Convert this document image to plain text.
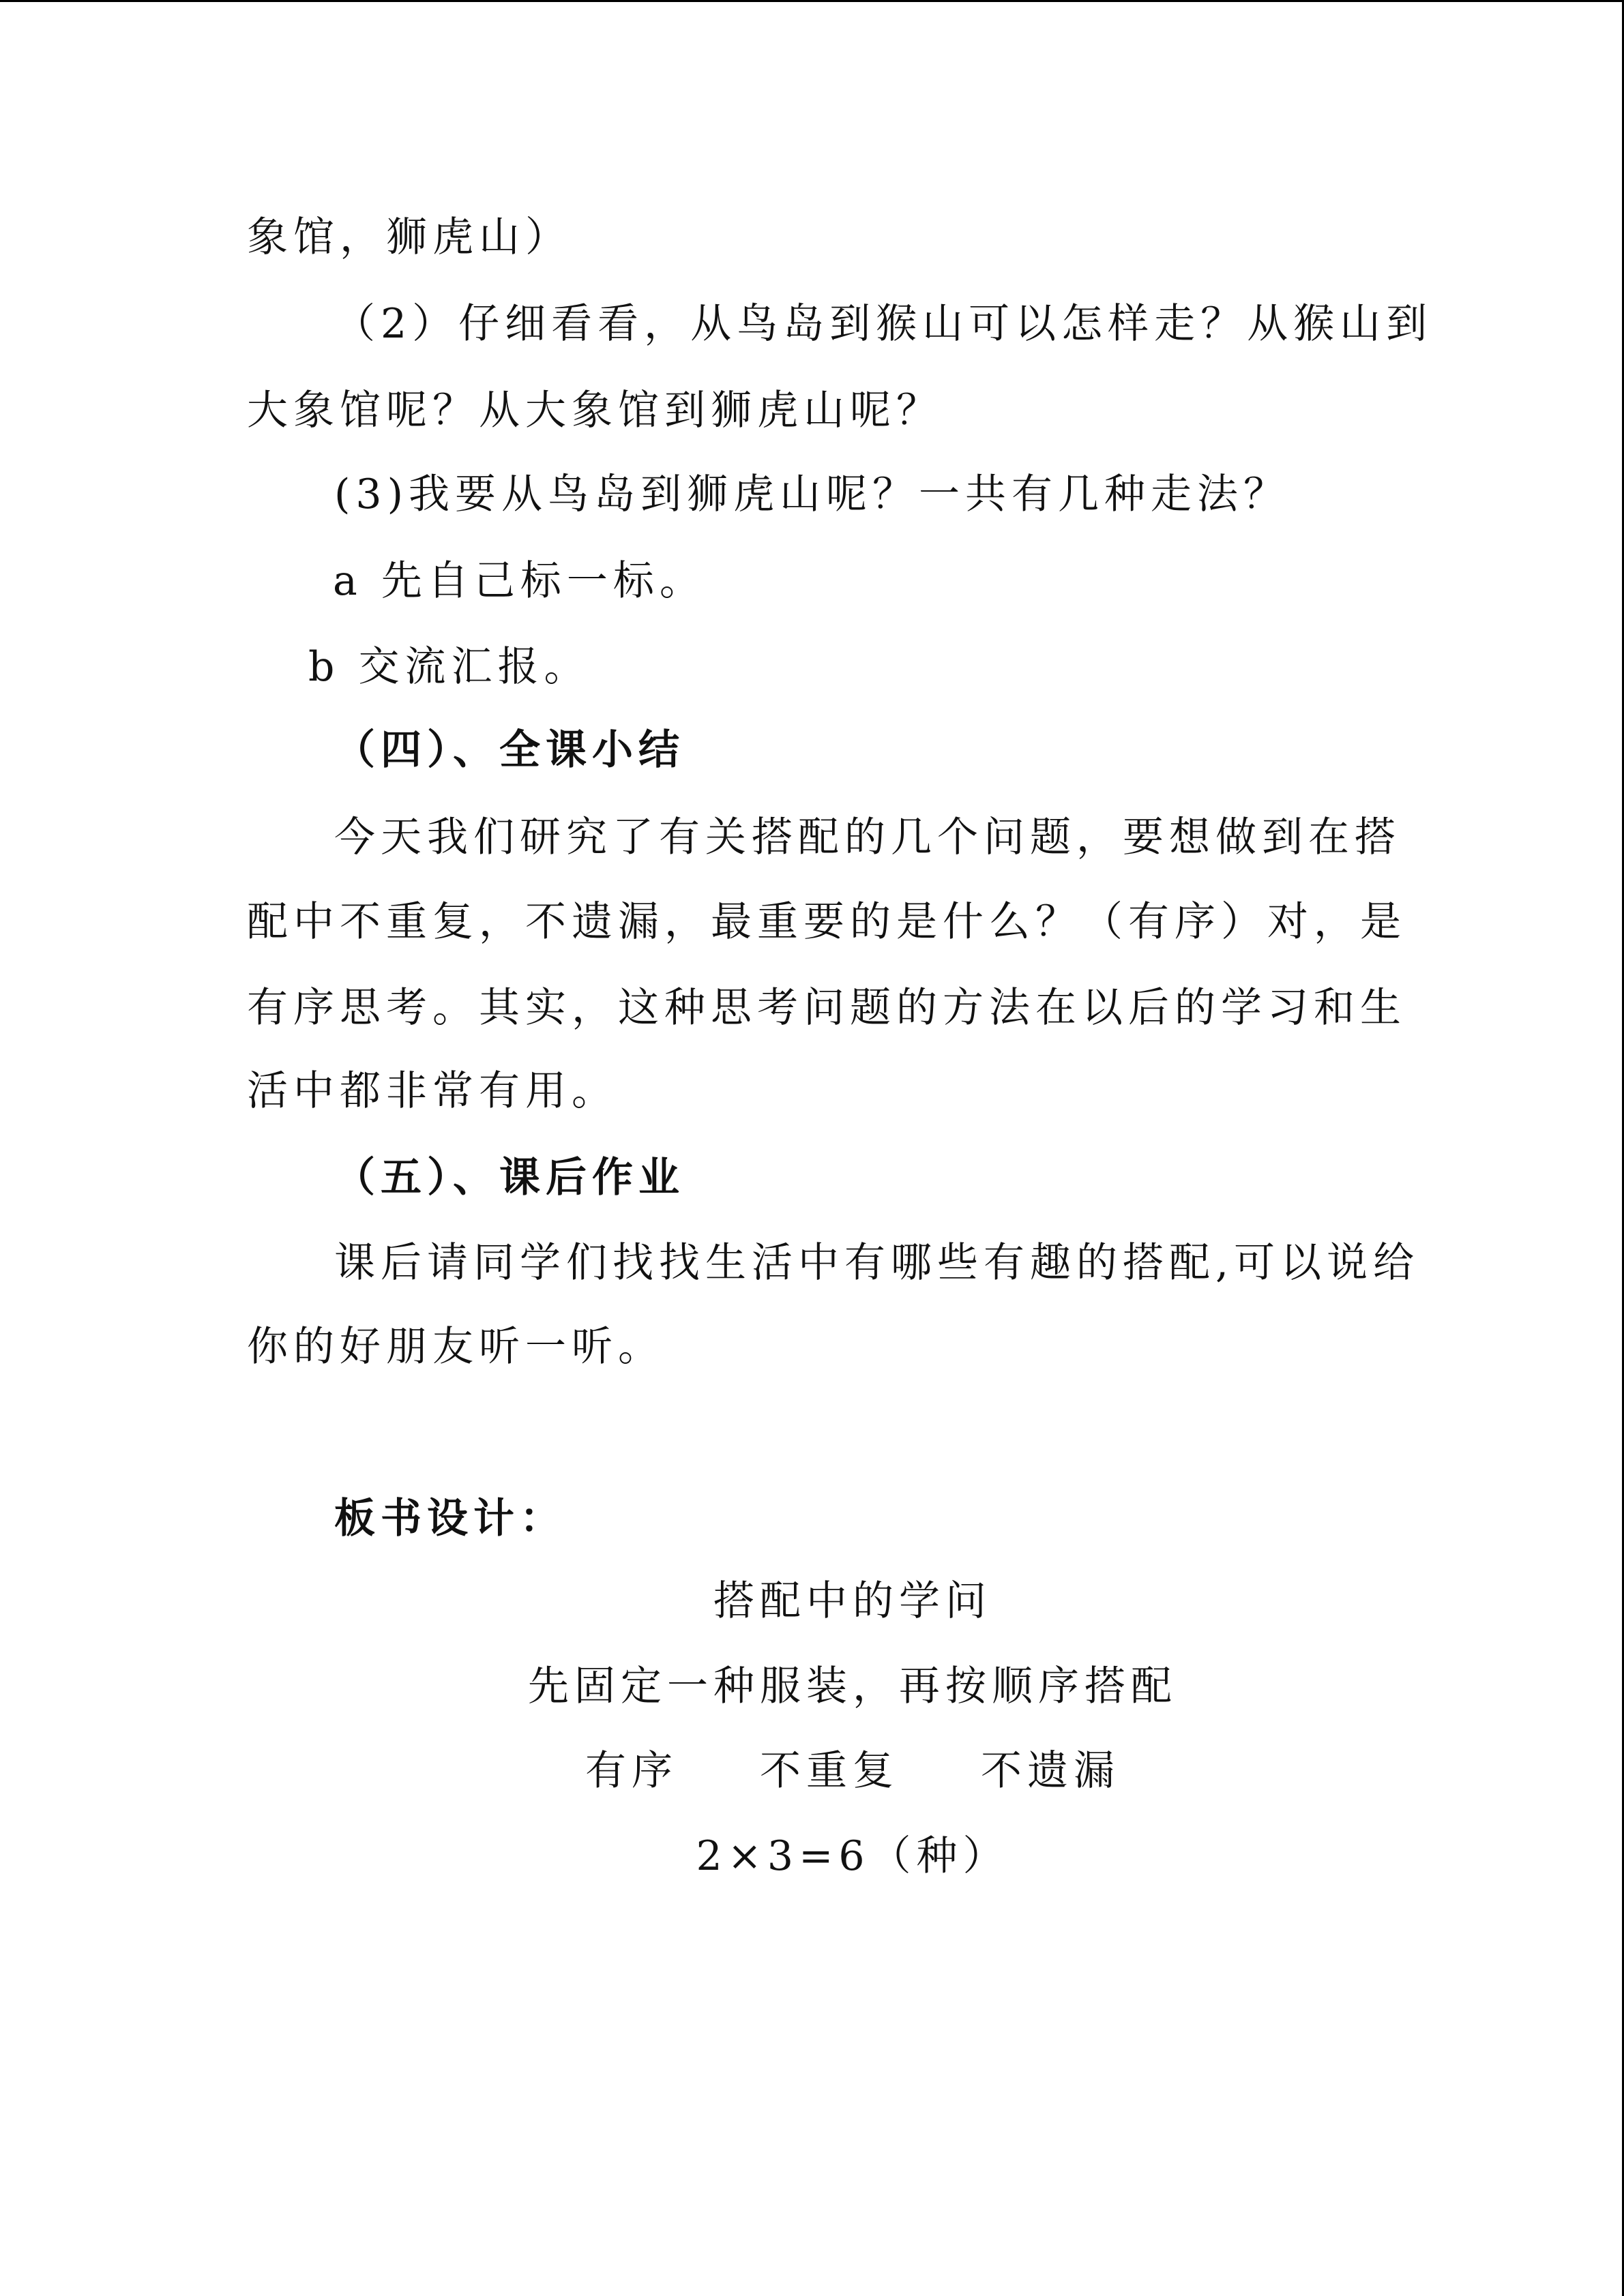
象馆，狮虎山）
（2）仔细看看，从鸟岛到猴山可以怎样走？从猴山到
大象馆呢？从大象馆到狮虎山呢？
(3)我要从鸟岛到狮虎山呢？一共有几种走法？
a 先自己标一标。
b 交流汇报。
（四）、全课小结
今天我们研究了有关搭配的几个问题，要想做到在搭
配中不重复，不遗漏，最重要的是什么？（有序）对，是
有序思考。其实，这种思考问题的方法在以后的学习和生
活中都非常有用。
（五）、课后作业
课后请同学们找找生活中有哪些有趣的搭配,可以说给
你的好朋友听一听。
板书设计：
搭配中的学问
先固定一种服装，再按顺序搭配
有序 不重复 不遗漏
2×3=6（种）
